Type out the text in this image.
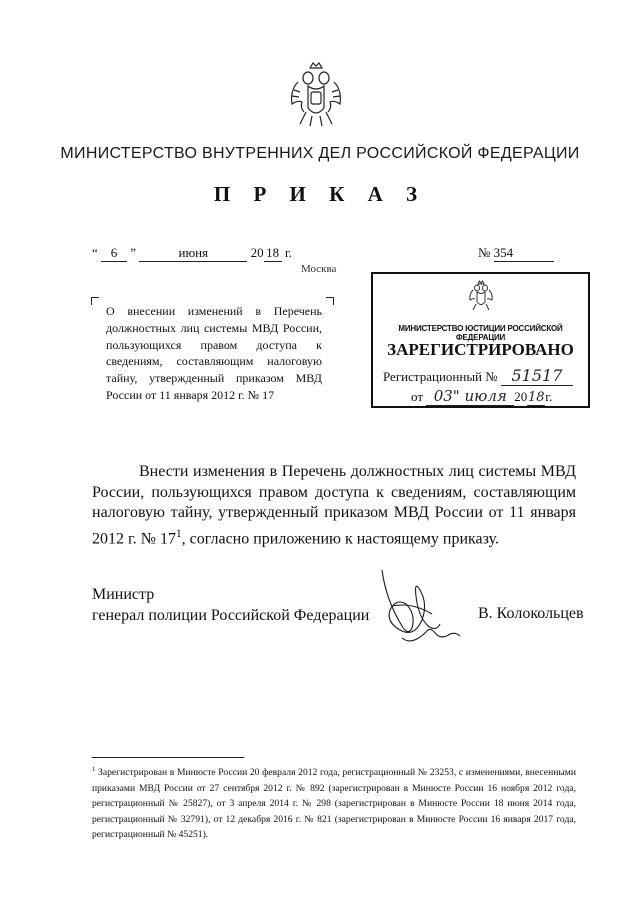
МИНИСТЕРСТВО ВНУТРЕННИХ ДЕЛ РОССИЙСКОЙ ФЕДЕРАЦИИ
П Р И К А З
“ 6 ”	июня	20 18 г.	№ 354
Москва
О внесении изменений в Перечень должностных лиц системы МВД России, пользующихся правом доступа к сведениям, составляющим налоговую тайну, утвержденный приказом МВД России от 11 января 2012 г. № 17
МИНИСТЕРСТВО ЮСТИЦИИ РОССИЙСКОЙ ФЕДЕРАЦИИ
ЗАРЕГИСТРИРОВАНО
Регистрационный № 51517
от 03" июля 2018г.
Внести изменения в Перечень должностных лиц системы МВД России, пользующихся правом доступа к сведениям, составляющим налоговую тайну, утвержденный приказом МВД России от 11 января 2012 г. № $17^1$, согласно приложению к настоящему приказу.
Министр
генерал полиции Российской Федерации	В. Колокольцев
$^1$ Зарегистрирован в Минюсте России 20 февраля 2012 года, регистрационный № 23253, с изменениями, внесенными приказами МВД России от 27 сентября 2012 г. № 892 (зарегистрирован в Минюсте России 16 ноября 2012 года, регистрационный № 25827), от 3 апреля 2014 г. № 298 (зарегистрирован в Минюсте России 18 июня 2014 года, регистрационный № 32791), от 12 декабря 2016 г. № 821 (зарегистрирован в Минюсте России 16 января 2017 года, регистрационный № 45251).
